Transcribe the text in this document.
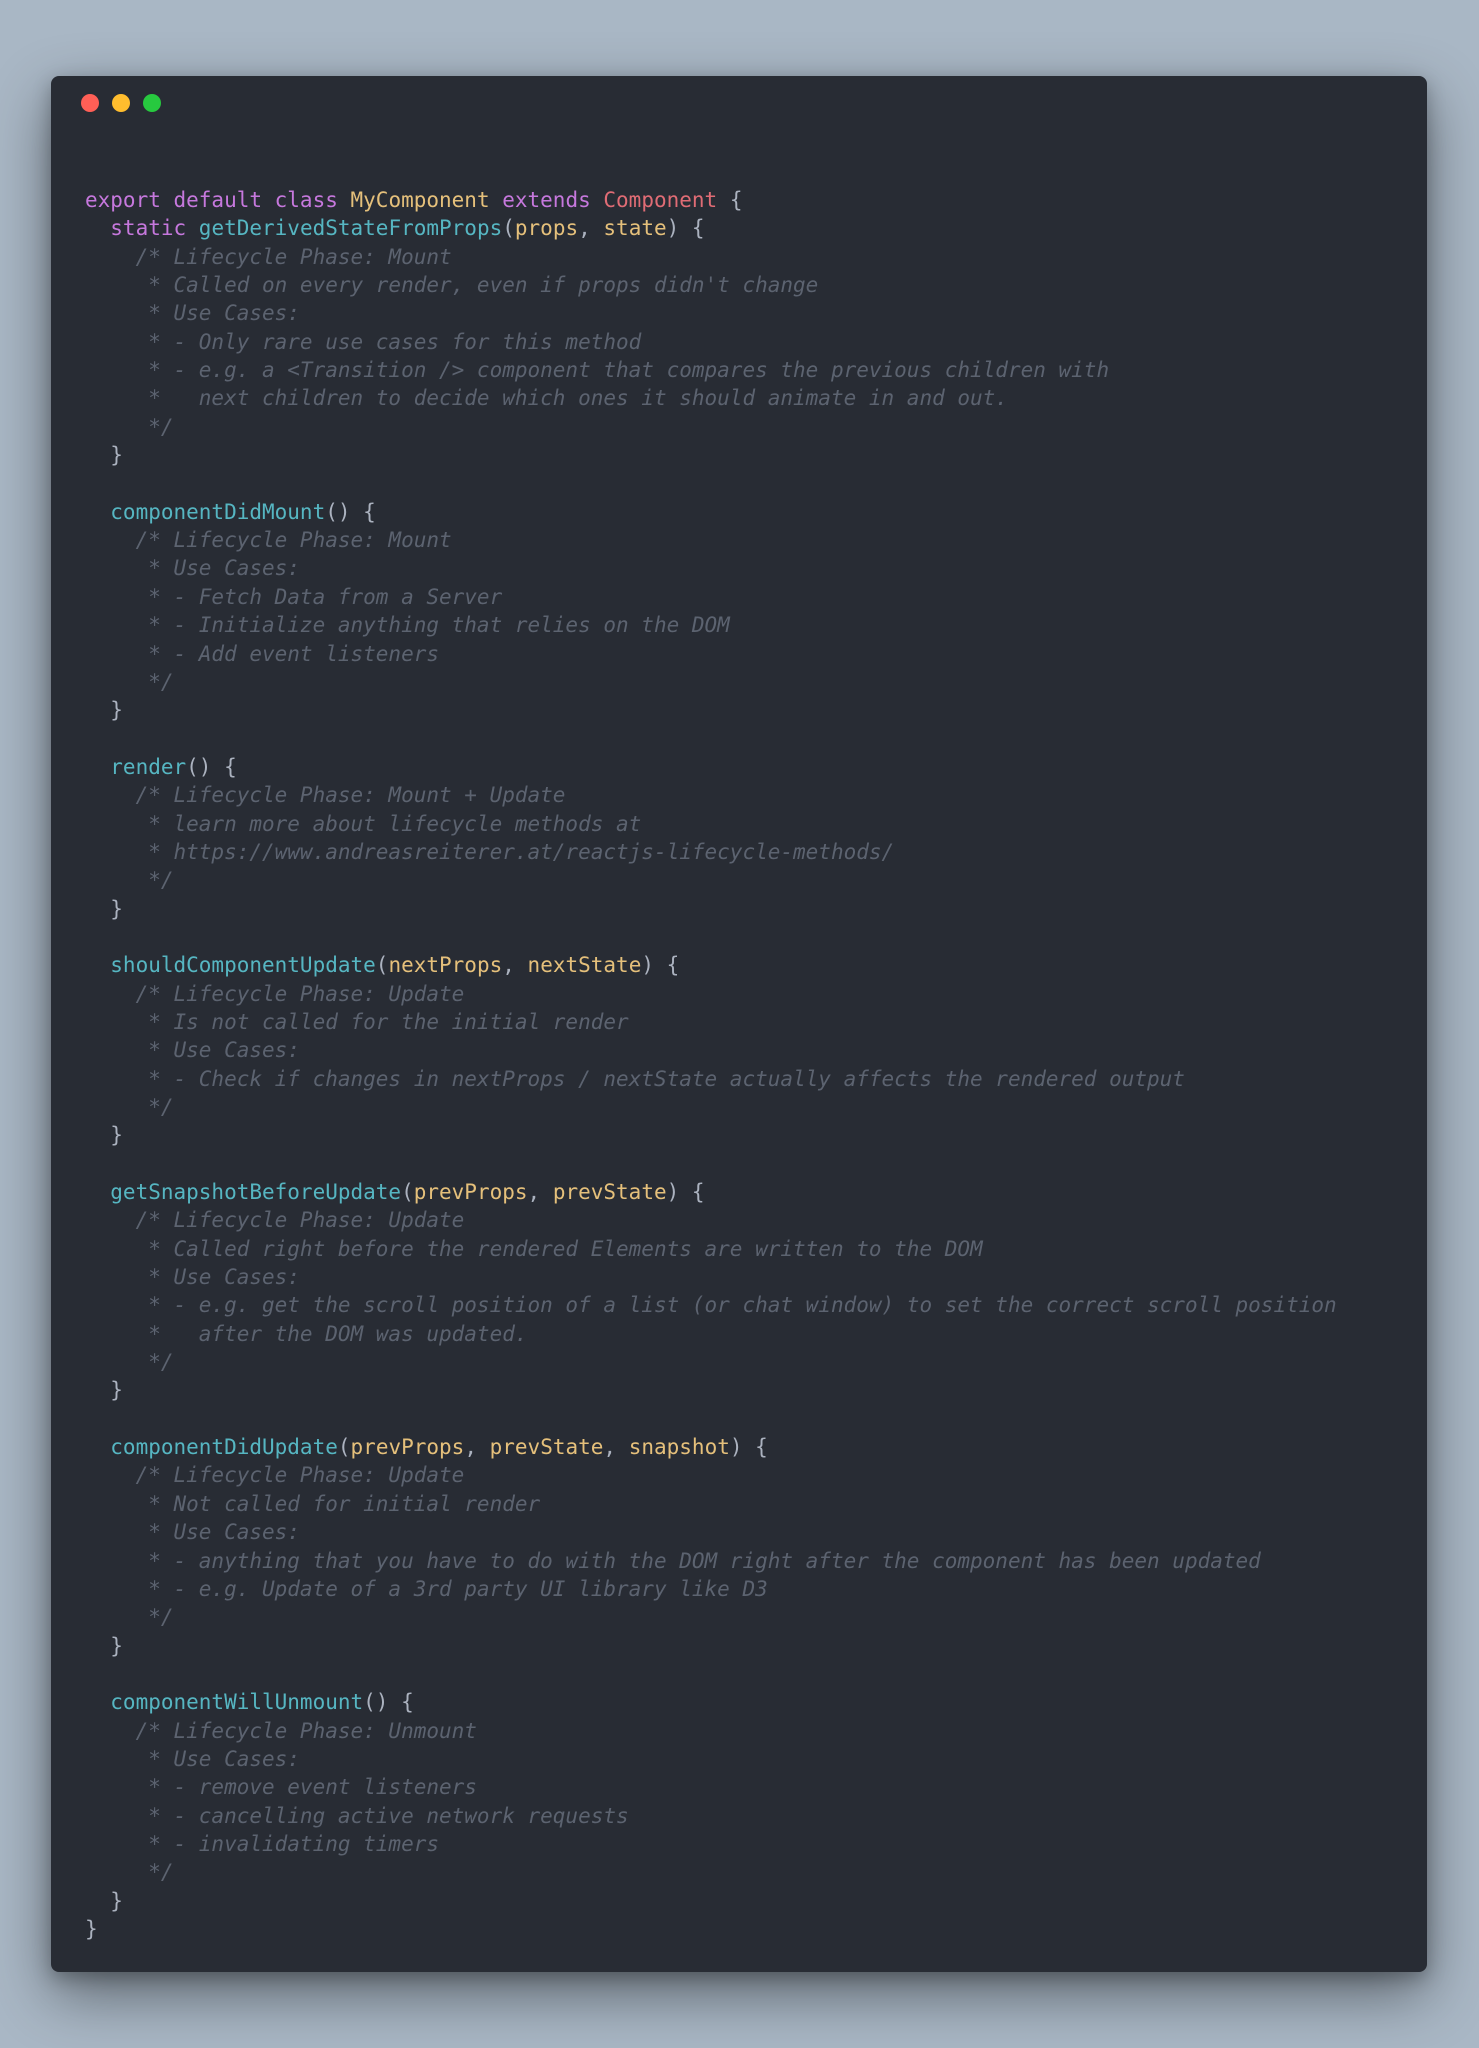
export default class MyComponent extends Component {
static getDerivedStateFromProps(props, state) {
/* Lifecycle Phase: Mount
* Called on every render, even if props didn't change
* Use Cases:
* - Only rare use cases for this method
* - e.g. a <Transition /> component that compares the previous children with
*   next children to decide which ones it should animate in and out.
*/
}

componentDidMount() {
/* Lifecycle Phase: Mount
* Use Cases:
* - Fetch Data from a Server
* - Initialize anything that relies on the DOM
* - Add event listeners
*/
}

render() {
/* Lifecycle Phase: Mount + Update
* learn more about lifecycle methods at
* https://www.andreasreiterer.at/reactjs-lifecycle-methods/
*/
}

shouldComponentUpdate(nextProps, nextState) {
/* Lifecycle Phase: Update
* Is not called for the initial render
* Use Cases:
* - Check if changes in nextProps / nextState actually affects the rendered output
*/
}

getSnapshotBeforeUpdate(prevProps, prevState) {
/* Lifecycle Phase: Update
* Called right before the rendered Elements are written to the DOM
* Use Cases:
* - e.g. get the scroll position of a list (or chat window) to set the correct scroll position
*   after the DOM was updated.
*/
}

componentDidUpdate(prevProps, prevState, snapshot) {
/* Lifecycle Phase: Update
* Not called for initial render
* Use Cases:
* - anything that you have to do with the DOM right after the component has been updated
* - e.g. Update of a 3rd party UI library like D3
*/
}

componentWillUnmount() {
/* Lifecycle Phase: Unmount
* Use Cases:
* - remove event listeners
* - cancelling active network requests
* - invalidating timers
*/
}
}
